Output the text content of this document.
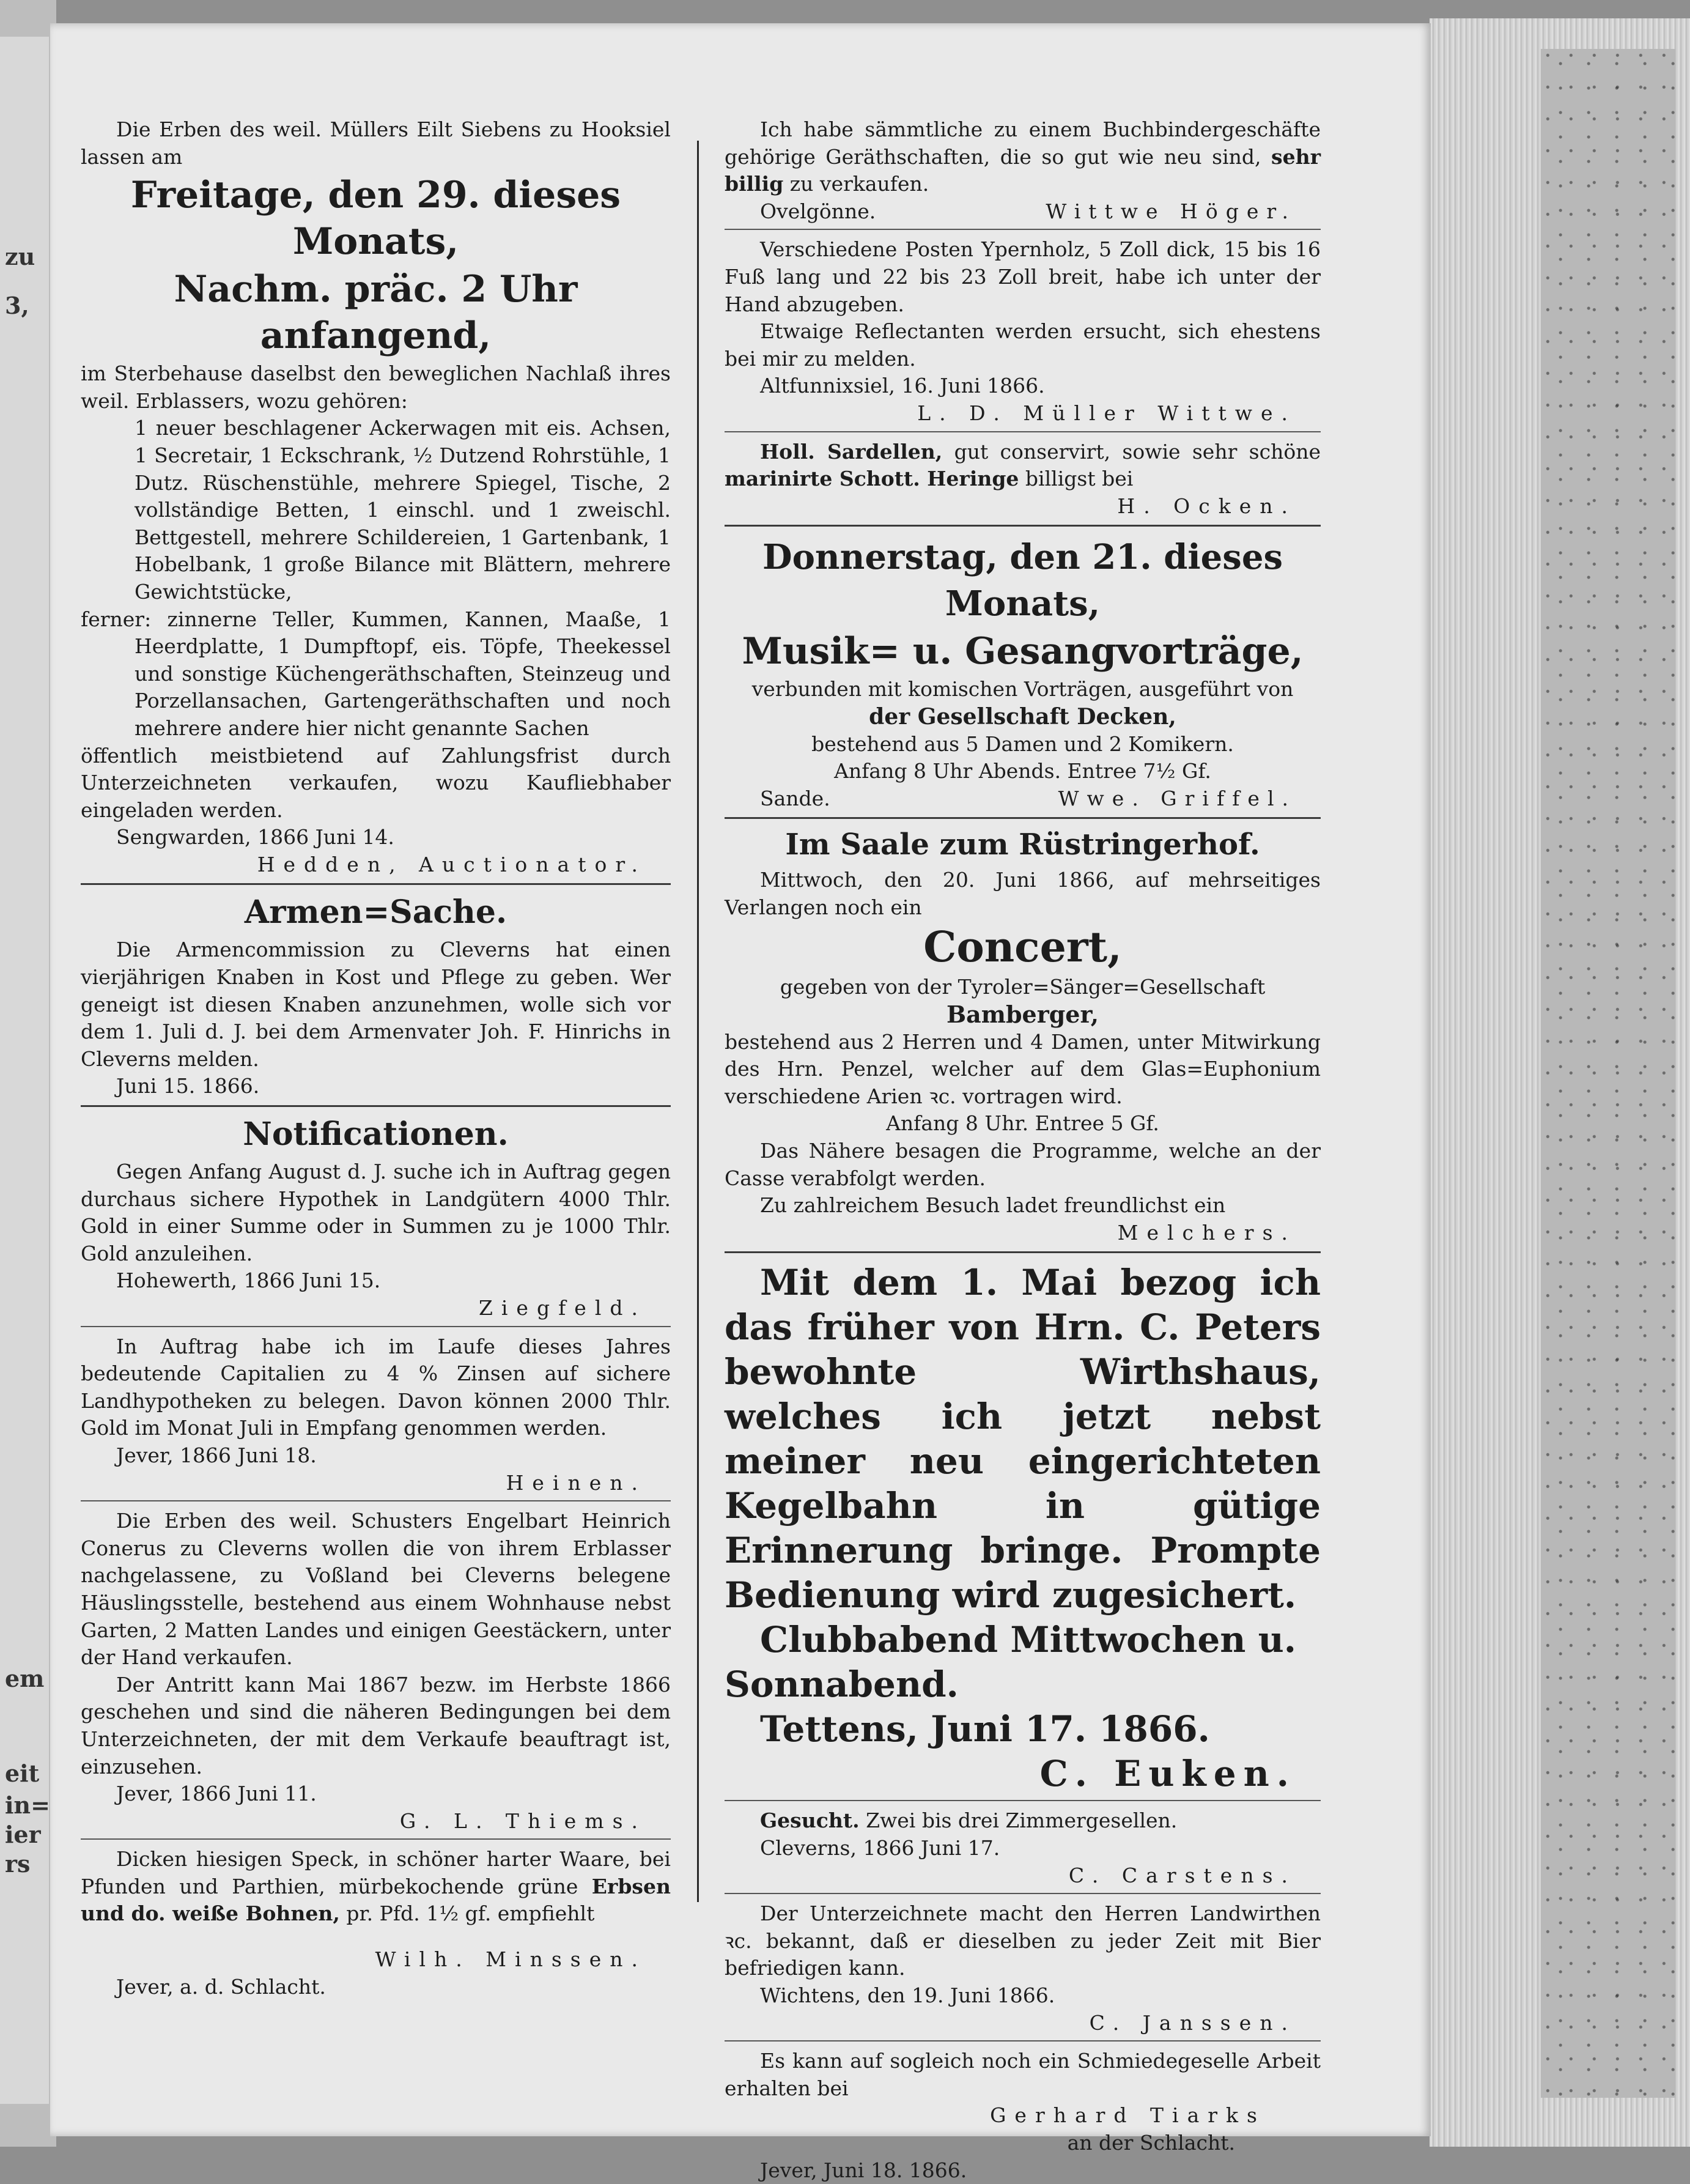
zu
3,
em
eit
in=
ier
rs

Die Erben des weil. Müllers Eilt Siebens zu Hooksiel lassen am

Freitage, den 29. dieses Monats,

Nachm. präc. 2 Uhr anfangend,

im Sterbehause daselbst den beweglichen Nachlaß ihres weil. Erblassers, wozu gehören:

1 neuer beschlagener Ackerwagen mit eis. Achsen, 1 Secretair, 1 Eckschrank, ½ Dutzend Rohrstühle, 1 Dutz. Rüschenstühle, mehrere Spiegel, Tische, 2 vollständige Betten, 1 einschl. und 1 zweischl. Bettgestell, mehrere Schildereien, 1 Gartenbank, 1 Hobelbank, 1 große Bilance mit Blättern, mehrere Gewichtstücke,

ferner: zinnerne Teller, Kummen, Kannen, Maaße, 1 Heerdplatte, 1 Dumpftopf, eis. Töpfe, Theekessel und sonstige Küchengeräthschaften, Steinzeug und Porzellansachen, Gartengeräthschaften und noch mehrere andere hier nicht genannte Sachen

öffentlich meistbietend auf Zahlungsfrist durch Unterzeichneten verkaufen, wozu Kaufliebhaber eingeladen werden.

Sengwarden, 1866 Juni 14.

Hedden, Auctionator.

Armen=Sache.

Die Armencommission zu Cleverns hat einen vierjährigen Knaben in Kost und Pflege zu geben. Wer geneigt ist diesen Knaben anzunehmen, wolle sich vor dem 1. Juli d. J. bei dem Armenvater Joh. F. Hinrichs in Cleverns melden.

Juni 15. 1866.

Notificationen.

Gegen Anfang August d. J. suche ich in Auftrag gegen durchaus sichere Hypothek in Landgütern 4000 Thlr. Gold in einer Summe oder in Summen zu je 1000 Thlr. Gold anzuleihen.

Hohewerth, 1866 Juni 15.

Ziegfeld.

In Auftrag habe ich im Laufe dieses Jahres bedeutende Capitalien zu 4 % Zinsen auf sichere Landhypotheken zu belegen. Davon können 2000 Thlr. Gold im Monat Juli in Empfang genommen werden.

Jever, 1866 Juni 18.

Heinen.

Die Erben des weil. Schusters Engelbart Heinrich Conerus zu Cleverns wollen die von ihrem Erblasser nachgelassene, zu Voßland bei Cleverns belegene Häuslingsstelle, bestehend aus einem Wohnhause nebst Garten, 2 Matten Landes und einigen Geestäckern, unter der Hand verkaufen.

Der Antritt kann Mai 1867 bezw. im Herbste 1866 geschehen und sind die näheren Bedingungen bei dem Unterzeichneten, der mit dem Verkaufe beauftragt ist, einzusehen.

Jever, 1866 Juni 11.

G. L. Thiems.

Dicken hiesigen Speck, in schöner harter Waare, bei Pfunden und Parthien, mürbekochende grüne Erbsen und do. weiße Bohnen, pr. Pfd. 1½ gf. empfiehlt

Wilh. Minssen.

Jever, a. d. Schlacht.

Ich habe sämmtliche zu einem Buchbindergeschäfte gehörige Geräthschaften, die so gut wie neu sind, sehr billig zu verkaufen.

Ovelgönne.	Wittwe Höger.

Verschiedene Posten Ypernholz, 5 Zoll dick, 15 bis 16 Fuß lang und 22 bis 23 Zoll breit, habe ich unter der Hand abzugeben.

Etwaige Reflectanten werden ersucht, sich ehestens bei mir zu melden.

Altfunnixsiel, 16. Juni 1866.

L. D. Müller Wittwe.

Holl. Sardellen, gut conservirt, sowie sehr schöne marinirte Schott. Heringe billigst bei

H. Ocken.

Donnerstag, den 21. dieses Monats,

Musik= u. Gesangvorträge,

verbunden mit komischen Vorträgen, ausgeführt von

der Gesellschaft Decken,

bestehend aus 5 Damen und 2 Komikern.

Anfang 8 Uhr Abends. Entree 7½ Gf.

Sande.	Wwe. Griffel.

Im Saale zum Rüstringerhof.

Mittwoch, den 20. Juni 1866, auf mehrseitiges Verlangen noch ein

Concert,

gegeben von der Tyroler=Sänger=Gesellschaft

Bamberger,

bestehend aus 2 Herren und 4 Damen, unter Mitwirkung des Hrn. Penzel, welcher auf dem Glas=Euphonium verschiedene Arien ꝛc. vortragen wird.

Anfang 8 Uhr. Entree 5 Gf.

Das Nähere besagen die Programme, welche an der Casse verabfolgt werden.

Zu zahlreichem Besuch ladet freundlichst ein

Melchers.

Mit dem 1. Mai bezog ich das früher von Hrn. C. Peters bewohnte Wirthshaus, welches ich jetzt nebst meiner neu eingerichteten Kegelbahn in gütige Erinnerung bringe. Prompte Bedienung wird zugesichert.

Clubbabend Mittwochen u. Sonnabend.

Tettens, Juni 17. 1866.

C. Euken.

Gesucht. Zwei bis drei Zimmergesellen.

Cleverns, 1866 Juni 17.

C. Carstens.

Der Unterzeichnete macht den Herren Landwirthen ꝛc. bekannt, daß er dieselben zu jeder Zeit mit Bier befriedigen kann.

Wichtens, den 19. Juni 1866.

C. Janssen.

Es kann auf sogleich noch ein Schmiedegeselle Arbeit erhalten bei

Gerhard Tiarks

an der Schlacht.

Jever, Juni 18. 1866.
